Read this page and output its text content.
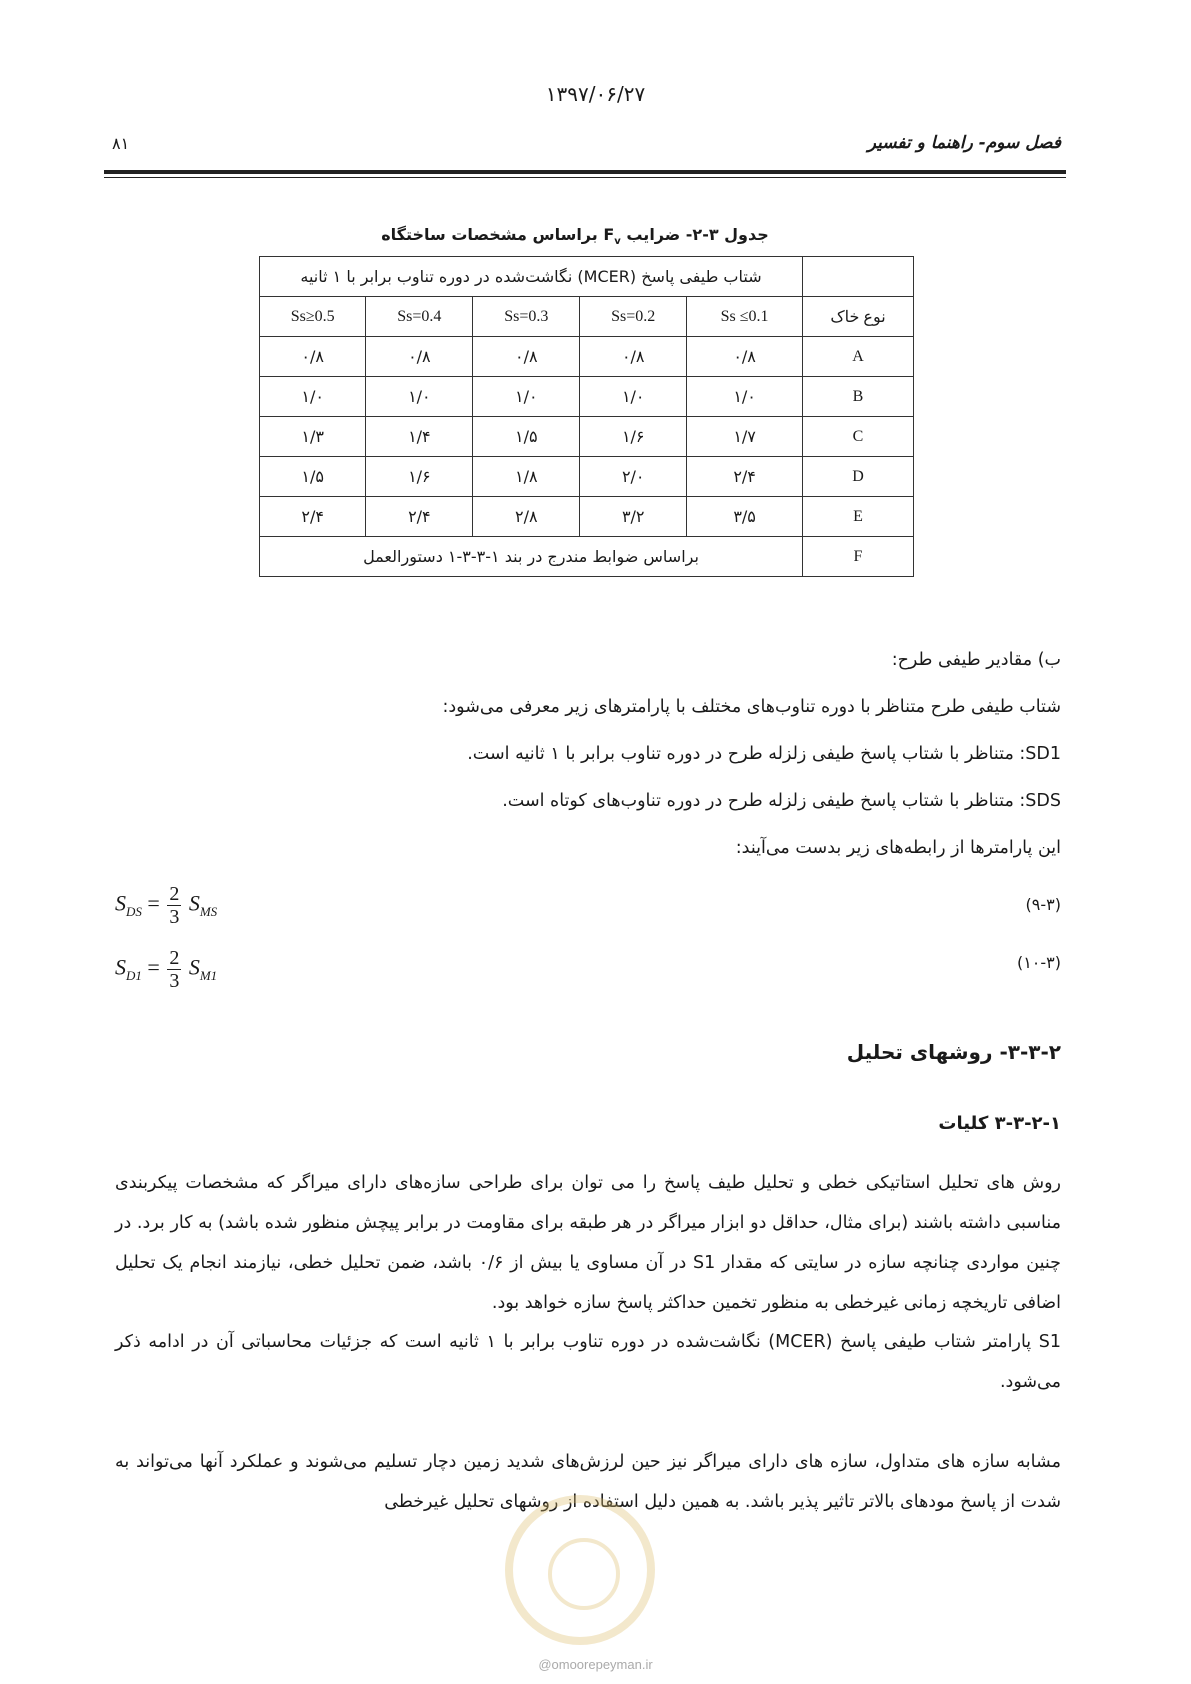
۱۳۹۷/۰۶/۲۷
۸۱	فصل سوم- راهنما و تفسیر
جدول ۳-۲- ضرایب $F_v$ براساس مشخصات ساختگاه
	شتاب طیفی پاسخ (MCER) نگاشت‌شده در دوره تناوب برابر با ۱ ثانیه				
نوع خاک	Ss ≤0.1	Ss=0.2	Ss=0.3	Ss=0.4	Ss≥0.5
A	۰/۸	۰/۸	۰/۸	۰/۸	۰/۸
B	۱/۰	۱/۰	۱/۰	۱/۰	۱/۰
C	۱/۷	۱/۶	۱/۵	۱/۴	۱/۳
D	۲/۴	۲/۰	۱/۸	۱/۶	۱/۵
E	۳/۵	۳/۲	۲/۸	۲/۴	۲/۴
F	براساس ضوابط مندرج در بند ۱-۳-۳-۱ دستورالعمل				
ب) مقادیر طیفی طرح:
شتاب طیفی طرح متناظر با دوره تناوب‌های مختلف با پارامترهای زیر معرفی می‌شود:
SD1: متناظر با شتاب پاسخ طیفی زلزله طرح در دوره تناوب برابر با ۱ ثانیه است.
SDS: متناظر با شتاب پاسخ طیفی زلزله طرح در دوره تناوب‌های کوتاه است.
این پارامترها از رابطه‌های زیر بدست می‌آیند:
$S_{DS} = \frac{2}{3} S_{MS}$	(۹-۳)
$S_{D1} = \frac{2}{3} S_{M1}$
(۱۰-۳)
۳-۳-۲- روشهای تحلیل
۳-۳-۲-۱ کلیات
روش های تحلیل استاتیکی خطی و تحلیل طیف پاسخ را می توان برای طراحی سازه‌های دارای میراگر که مشخصات پیکربندی مناسبی داشته باشند (برای مثال، حداقل دو ابزار میراگر در هر طبقه برای مقاومت در برابر پیچش منظور شده باشد) به کار برد. در چنین مواردی چنانچه سازه در سایتی که مقدار S1 در آن مساوی یا بیش از ۰/۶ باشد، ضمن تحلیل خطی، نیازمند انجام یک تحلیل اضافی تاریخچه زمانی غیرخطی به منظور تخمین حداکثر پاسخ سازه خواهد بود.
S1 پارامتر شتاب طیفی پاسخ (MCER) نگاشت‌شده در دوره تناوب برابر با ۱ ثانیه است که جزئیات محاسباتی آن در ادامه ذکر می‌شود.
مشابه سازه های متداول، سازه های دارای میراگر نیز حین لرزش‌های شدید زمین دچار تسلیم می‌شوند و عملکرد آنها می‌تواند به شدت از پاسخ مودهای بالاتر تاثیر پذیر باشد. به همین دلیل استفاده از روشهای تحلیل غیرخطی
@omoorepeyman.ir
